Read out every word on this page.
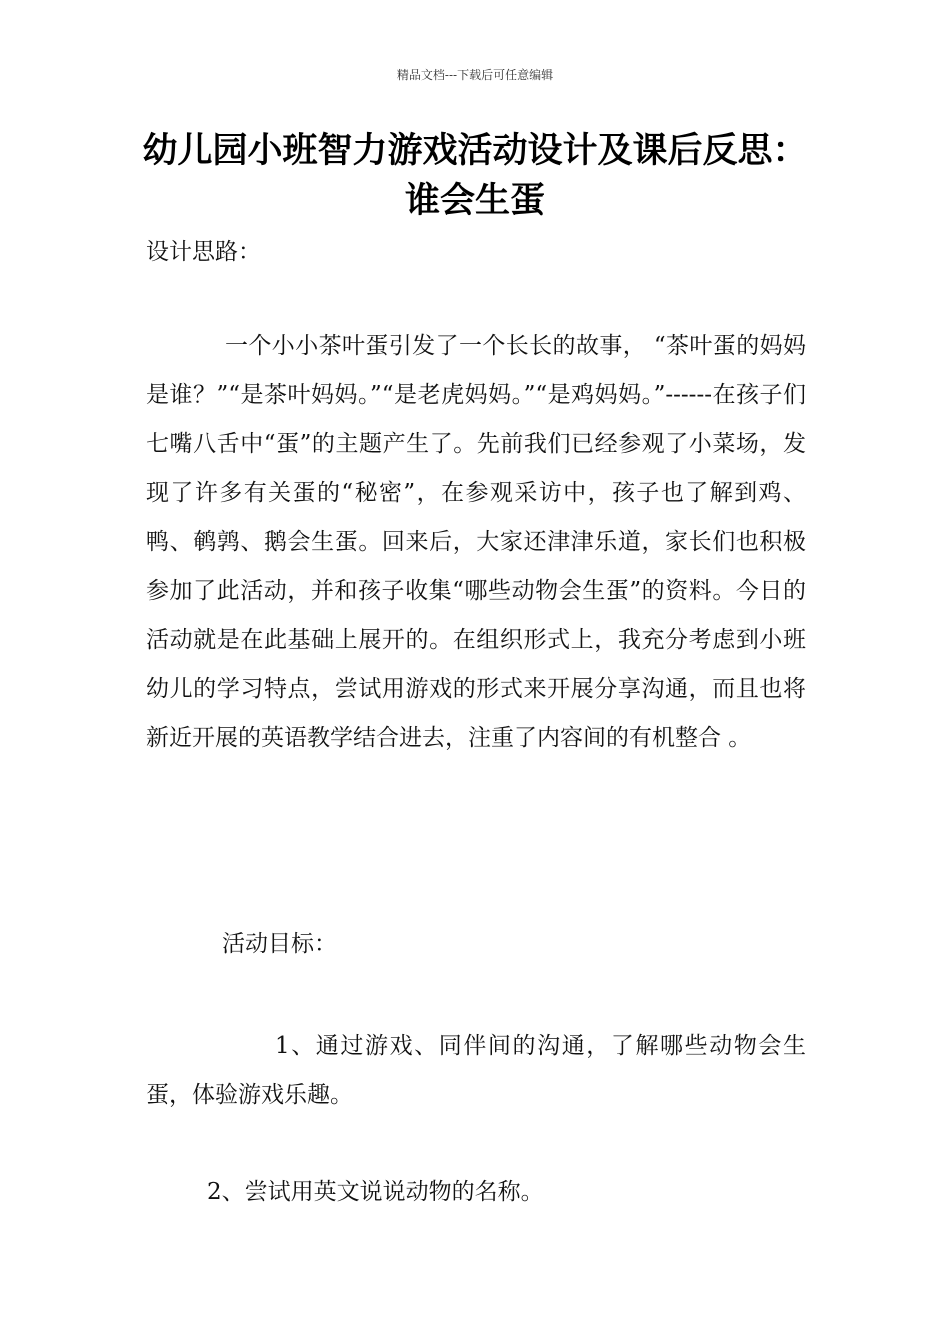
精品文档---下载后可任意编辑
幼儿园小班智力游戏活动设计及课后反思：谁会生蛋
设计思路：

一个小小茶叶蛋引发了一个长长的故事， “茶叶蛋的妈妈是谁？”“是茶叶妈妈。”“是老虎妈妈。”“是鸡妈妈。”------在孩子们七嘴八舌中“蛋”的主题产生了。先前我们已经参观了小菜场，发现了许多有关蛋的“秘密”，在参观采访中，孩子也了解到鸡、鸭、鹌鹑、鹅会生蛋。回来后，大家还津津乐道，家长们也积极参加了此活动，并和孩子收集“哪些动物会生蛋”的资料。今日的活动就是在此基础上展开的。在组织形式上，我充分考虑到小班幼儿的学习特点，尝试用游戏的形式来开展分享沟通，而且也将新近开展的英语教学结合进去，注重了内容间的有机整合 。

活动目标：

1、通过游戏、同伴间的沟通，了解哪些动物会生蛋，体验游戏乐趣。

2、尝试用英文说说动物的名称。
